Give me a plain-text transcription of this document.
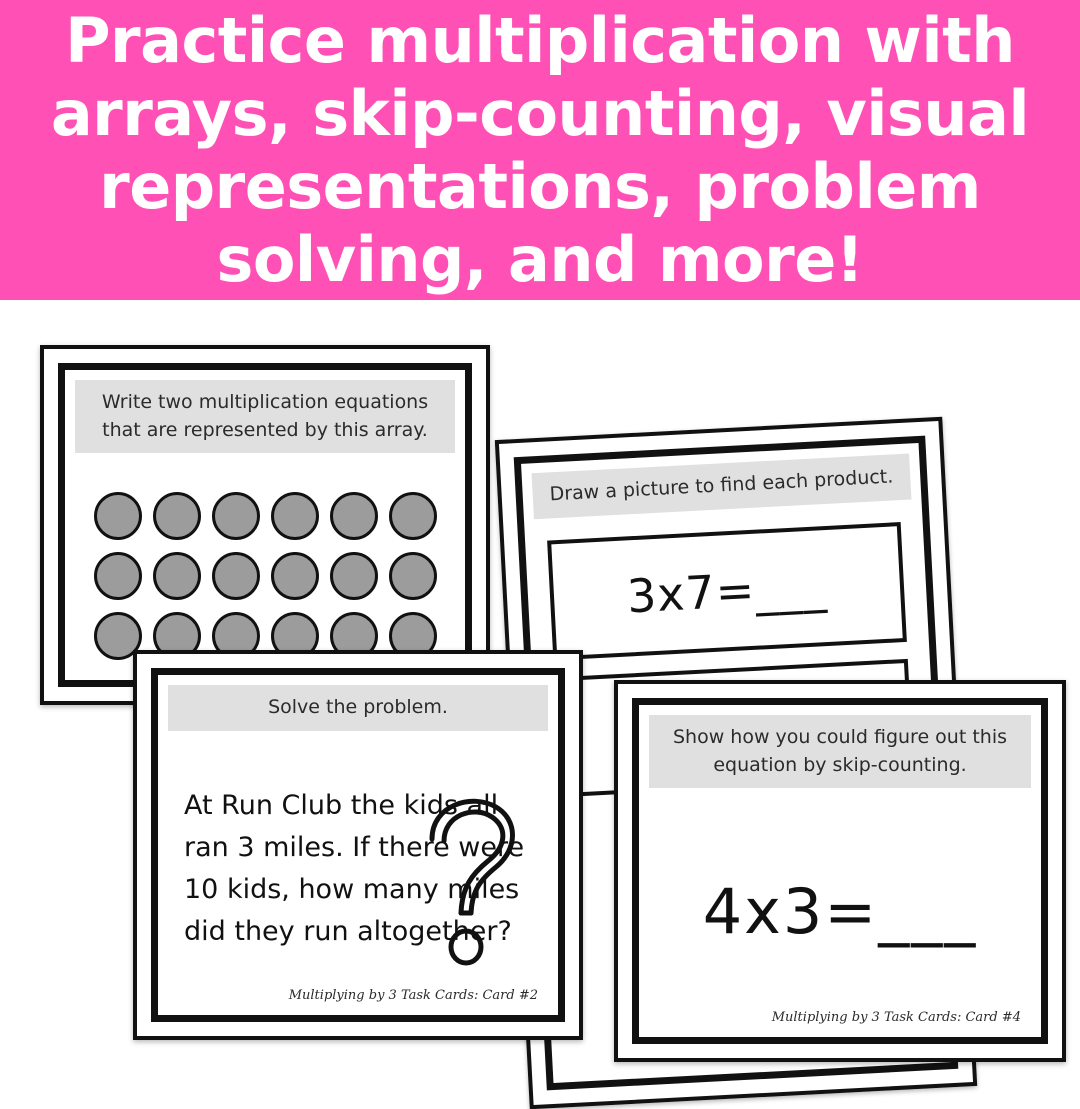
Practice multiplication with arrays, skip-counting, visual representations, problem solving, and more!
Write two multiplication equations that are represented by this array.
Draw a picture to find each product.
3x7=___
Solve the problem.
At Run Club the kids all ran 3 miles. If there were 10 kids, how many miles did they run altogether?
Multiplying by 3 Task Cards: Card #2
Show how you could figure out this equation by skip-counting.
4x3=___
Multiplying by 3 Task Cards: Card #4
